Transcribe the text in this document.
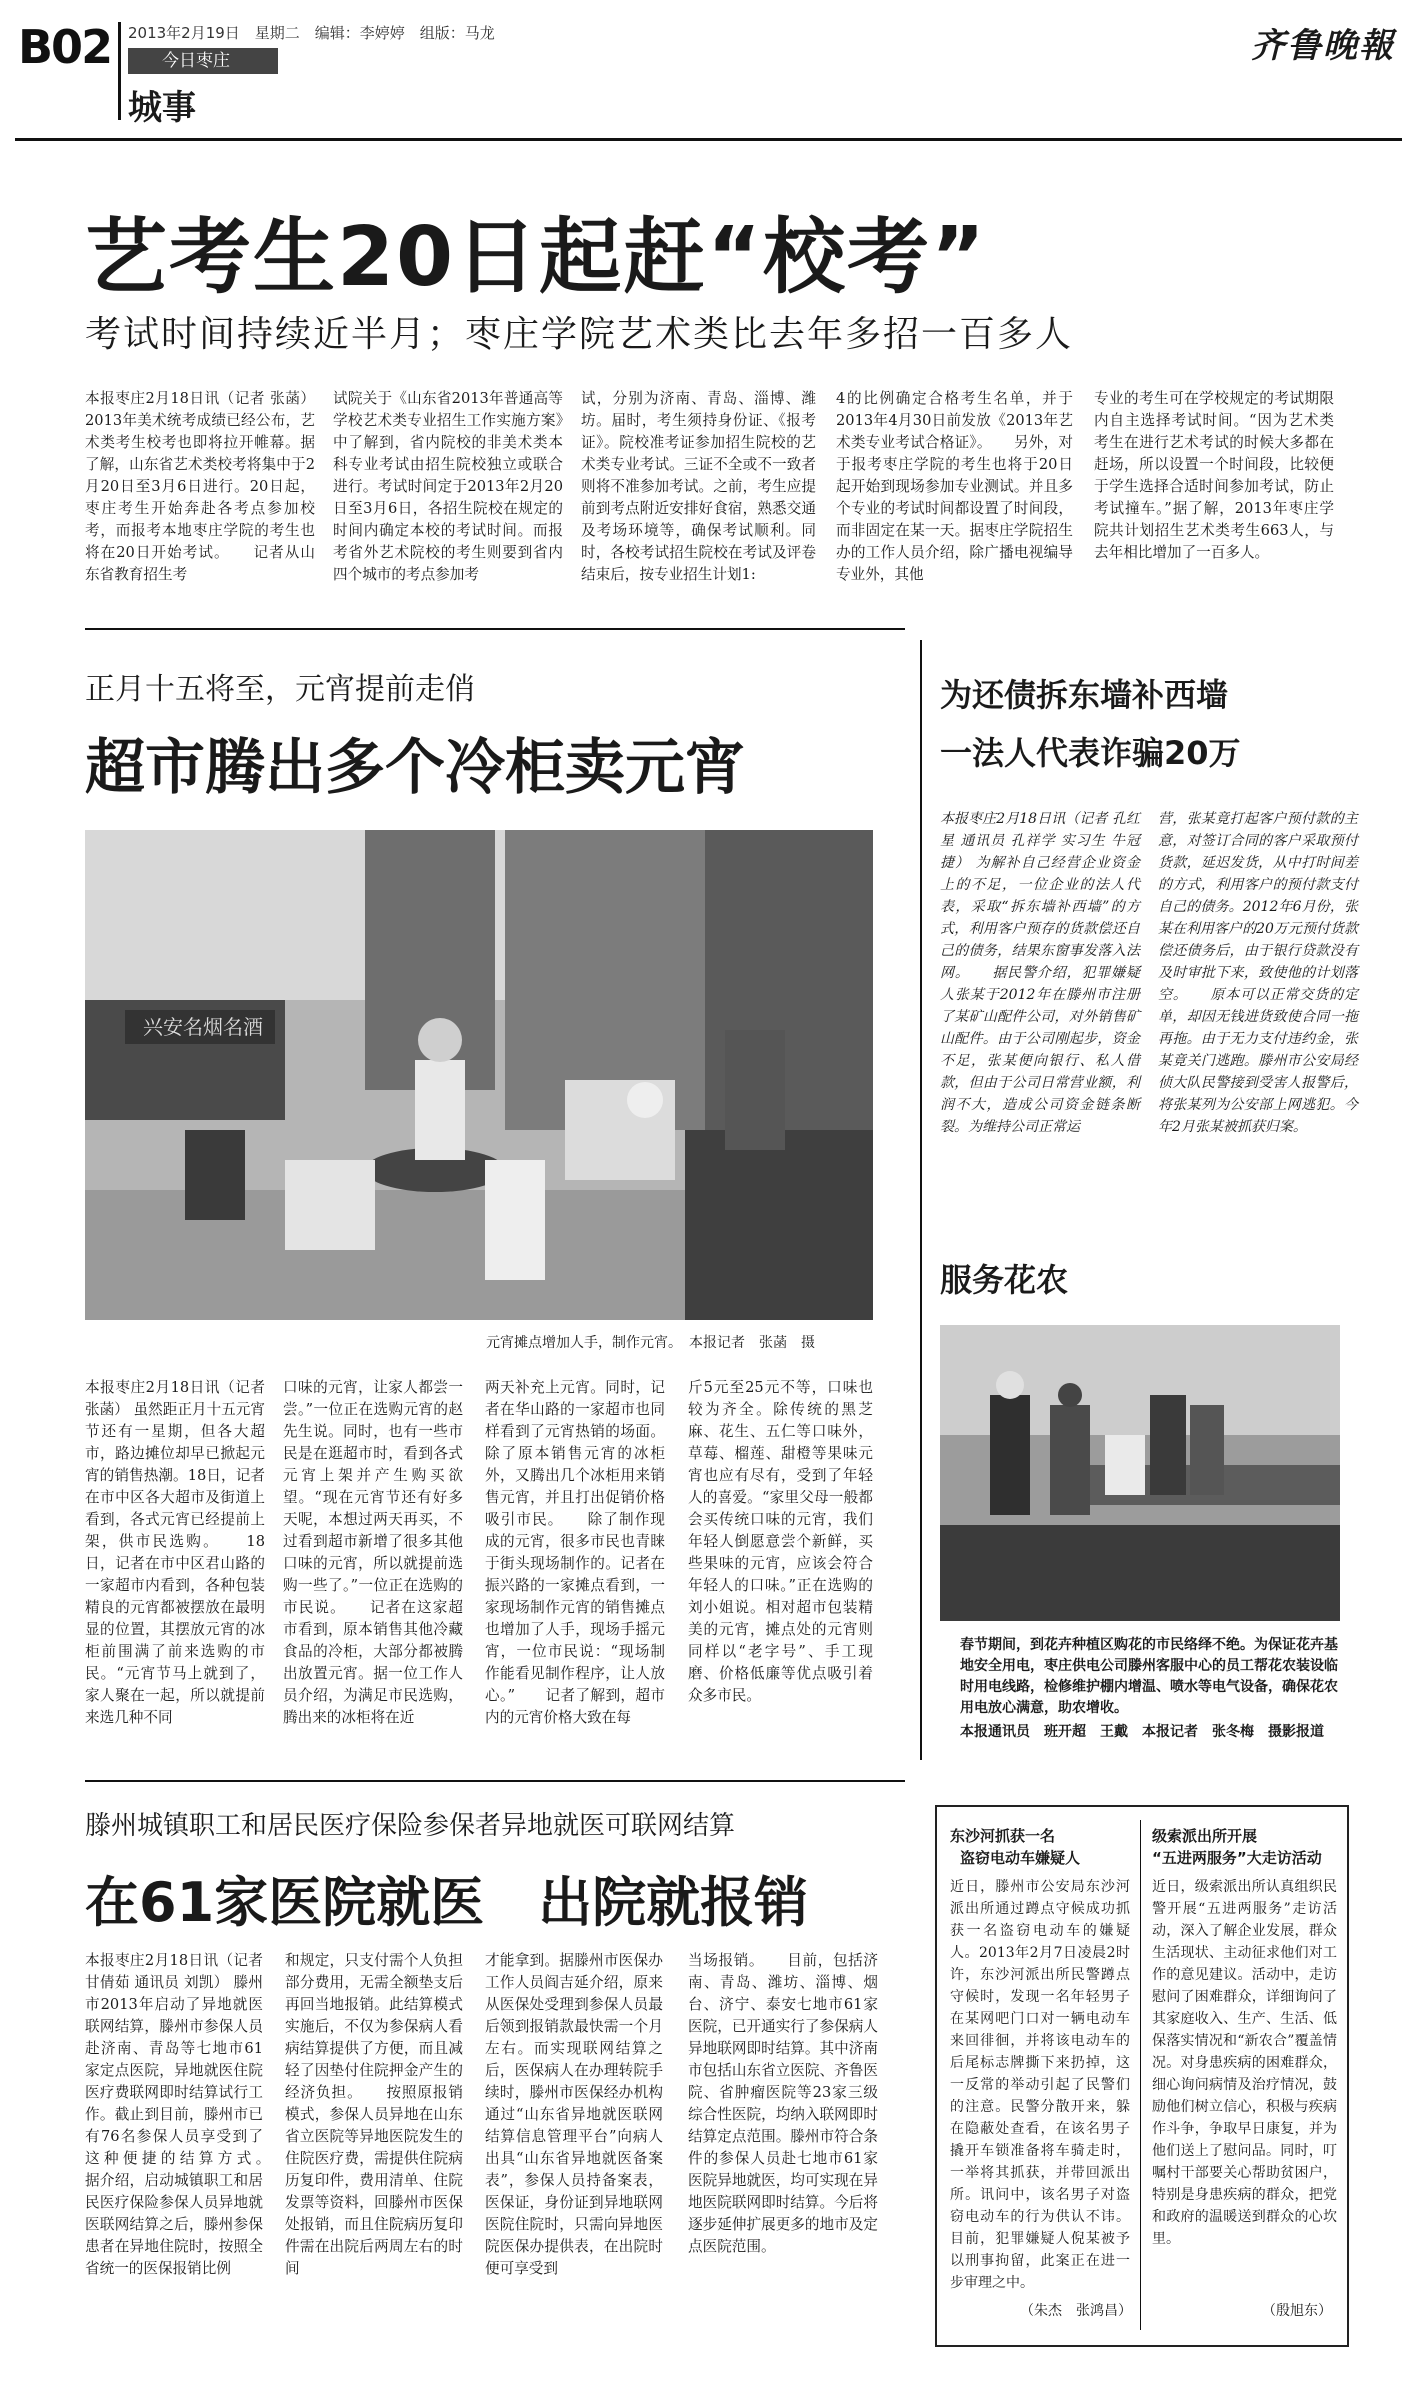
B02 2013年2月19日　星期二　编辑：李婷婷　组版：马龙
今日枣庄
城事
齐鲁晚報
艺考生20日起赶“校考”
考试时间持续近半月；枣庄学院艺术类比去年多招一百多人
本报枣庄2月18日讯（记者 张菡） 2013年美术统考成绩已经公布，艺术类考生校考也即将拉开帷幕。据了解，山东省艺术类校考将集中于2月20日至3月6日进行。20日起，枣庄考生开始奔赴各考点参加校考，而报考本地枣庄学院的考生也将在20日开始考试。　　记者从山东省教育招生考
试院关于《山东省2013年普通高等学校艺术类专业招生工作实施方案》中了解到，省内院校的非美术类本科专业考试由招生院校独立或联合进行。考试时间定于2013年2月20日至3月6日，各招生院校在规定的时间内确定本校的考试时间。而报考省外艺术院校的考生则要到省内四个城市的考点参加考
试，分别为济南、青岛、淄博、潍坊。届时，考生须持身份证、《报考证》。院校准考证参加招生院校的艺术类专业考试。三证不全或不一致者则将不准参加考试。之前，考生应提前到考点附近安排好食宿，熟悉交通及考场环境等，确保考试顺利。同时，各校考试招生院校在考试及评卷结束后，按专业招生计划1:
4的比例确定合格考生名单，并于2013年4月30日前发放《2013年艺术类专业考试合格证》。　　另外，对于报考枣庄学院的考生也将于20日起开始到现场参加专业测试。并且多个专业的考试时间都设置了时间段，而非固定在某一天。据枣庄学院招生办的工作人员介绍，除广播电视编导专业外，其他
专业的考生可在学校规定的考试期限内自主选择考试时间。“因为艺术类考生在进行艺术考试的时候大多都在赶场，所以设置一个时间段，比较便于学生选择合适时间参加考试，防止考试撞车。”据了解，2013年枣庄学院共计划招生艺术类考生663人，与去年相比增加了一百多人。
正月十五将至，元宵提前走俏
超市腾出多个冷柜卖元宵
兴安名烟名酒
元宵摊点增加人手，制作元宵。　本报记者　张菡　摄
本报枣庄2月18日讯（记者 张菡） 虽然距正月十五元宵节还有一星期，但各大超市，路边摊位却早已掀起元宵的销售热潮。18日，记者在市中区各大超市及街道上看到，各式元宵已经提前上架，供市民选购。　　18日，记者在市中区君山路的一家超市内看到，各种包装精良的元宵都被摆放在最明显的位置，其摆放元宵的冰柜前围满了前来选购的市民。“元宵节马上就到了，家人聚在一起，所以就提前来选几种不同
口味的元宵，让家人都尝一尝。”一位正在选购元宵的赵先生说。同时，也有一些市民是在逛超市时，看到各式元宵上架并产生购买欲望。“现在元宵节还有好多天呢，本想过两天再买，不过看到超市新增了很多其他口味的元宵，所以就提前选购一些了。”一位正在选购的市民说。　　记者在这家超市看到，原本销售其他冷藏食品的冷柜，大部分都被腾出放置元宵。据一位工作人员介绍，为满足市民选购，腾出来的冰柜将在近
两天补充上元宵。同时，记者在华山路的一家超市也同样看到了元宵热销的场面。除了原本销售元宵的冰柜外，又腾出几个冰柜用来销售元宵，并且打出促销价格吸引市民。　　除了制作现成的元宵，很多市民也青睐于街头现场制作的。记者在振兴路的一家摊点看到，一家现场制作元宵的销售摊点也增加了人手，现场手摇元宵，一位市民说：“现场制作能看见制作程序，让人放心。”　　记者了解到，超市内的元宵价格大致在每
斤5元至25元不等，口味也较为齐全。除传统的黑芝麻、花生、五仁等口味外，草莓、榴莲、甜橙等果味元宵也应有尽有，受到了年轻人的喜爱。“家里父母一般都会买传统口味的元宵，我们年轻人倒愿意尝个新鲜，买些果味的元宵，应该会符合年轻人的口味。”正在选购的刘小姐说。相对超市包装精美的元宵，摊点处的元宵则同样以“老字号”、手工现磨、价格低廉等优点吸引着众多市民。
为还债拆东墙补西墙
一法人代表诈骗20万
本报枣庄2月18日讯（记者 孔红星 通讯员 孔祥学 实习生 牛冠捷） 为解补自己经营企业资金上的不足，一位企业的法人代表，采取“拆东墙补西墙”的方式，利用客户预存的货款偿还自己的债务，结果东窗事发落入法网。　　据民警介绍，犯罪嫌疑人张某于2012年在滕州市注册了某矿山配件公司，对外销售矿山配件。由于公司刚起步，资金不足，张某便向银行、私人借款，但由于公司日常营业额，利润不大，造成公司资金链条断裂。为维持公司正常运
营，张某竟打起客户预付款的主意，对签订合同的客户采取预付货款，延迟发货，从中打时间差的方式，利用客户的预付款支付自己的债务。2012年6月份，张某在利用客户的20万元预付货款偿还债务后，由于银行贷款没有及时审批下来，致使他的计划落空。　　原本可以正常交货的定单，却因无钱进货致使合同一拖再拖。由于无力支付违约金，张某竟关门逃跑。滕州市公安局经侦大队民警接到受害人报警后，将张某列为公安部上网逃犯。今年2月张某被抓获归案。
服务花农
春节期间，到花卉种植区购花的市民络绎不绝。为保证花卉基地安全用电，枣庄供电公司滕州客服中心的员工帮花农装设临时用电线路，检修维护棚内增温、喷水等电气设备，确保花农用电放心满意，助农增收。
本报通讯员　班开超　王戴　本报记者　张冬梅　摄影报道
滕州城镇职工和居民医疗保险参保者异地就医可联网结算
在61家医院就医　出院就报销
本报枣庄2月18日讯（记者 甘倩茹 通讯员 刘凯） 滕州市2013年启动了异地就医联网结算，滕州市参保人员赴济南、青岛等七地市61家定点医院，异地就医住院医疗费联网即时结算试行工作。截止到目前，滕州市已有76名参保人员享受到了这种便捷的结算方式。　　据介绍，启动城镇职工和居民医疗保险参保人员异地就医联网结算之后，滕州参保患者在异地住院时，按照全省统一的医保报销比例
和规定，只支付需个人负担部分费用，无需全额垫支后再回当地报销。此结算模式实施后，不仅为参保病人看病结算提供了方便，而且减轻了因垫付住院押金产生的经济负担。　　按照原报销模式，参保人员异地在山东省立医院等异地医院发生的住院医疗费，需提供住院病历复印件，费用清单、住院发票等资料，回滕州市医保处报销，而且住院病历复印件需在出院后两周左右的时间
才能拿到。据滕州市医保办工作人员阎吉延介绍，原来从医保处受理到参保人员最后领到报销款最快需一个月左右。而实现联网结算之后，医保病人在办理转院手续时，滕州市医保经办机构通过“山东省异地就医联网结算信息管理平台”向病人出具“山东省异地就医备案表”，参保人员持备案表，医保证，身份证到异地联网医院住院时，只需向异地医院医保办提供表，在出院时便可享受到
当场报销。　　目前，包括济南、青岛、潍坊、淄博、烟台、济宁、泰安七地市61家医院，已开通实行了参保病人异地联网即时结算。其中济南市包括山东省立医院、齐鲁医院、省肿瘤医院等23家三级综合性医院，均纳入联网即时结算定点范围。滕州市符合条件的参保人员赴七地市61家医院异地就医，均可实现在异地医院联网即时结算。今后将逐步延伸扩展更多的地市及定点医院范围。
东沙河抓获一名
盗窃电动车嫌疑人
近日，滕州市公安局东沙河派出所通过蹲点守候成功抓获一名盗窃电动车的嫌疑人。2013年2月7日凌晨2时许，东沙河派出所民警蹲点守候时，发现一名年轻男子在某网吧门口对一辆电动车来回徘徊，并将该电动车的后尾标志牌撕下来扔掉，这一反常的举动引起了民警们的注意。民警分散开来，躲在隐蔽处查看，在该名男子撬开车锁准备将车骑走时，一举将其抓获，并带回派出所。讯问中，该名男子对盗窃电动车的行为供认不讳。目前，犯罪嫌疑人倪某被予以刑事拘留，此案正在进一步审理之中。
（朱杰　张鸿昌）
级索派出所开展
“五进两服务”大走访活动
近日，级索派出所认真组织民警开展“五进两服务”走访活动，深入了解企业发展，群众生活现状、主动征求他们对工作的意见建议。活动中，走访慰问了困难群众，详细询问了其家庭收入、生产、生活、低保落实情况和“新农合”覆盖情况。对身患疾病的困难群众，细心询问病情及治疗情况，鼓励他们树立信心，积极与疾病作斗争，争取早日康复，并为他们送上了慰问品。同时，叮嘱村干部要关心帮助贫困户，特别是身患疾病的群众，把党和政府的温暖送到群众的心坎里。
（殷旭东）
